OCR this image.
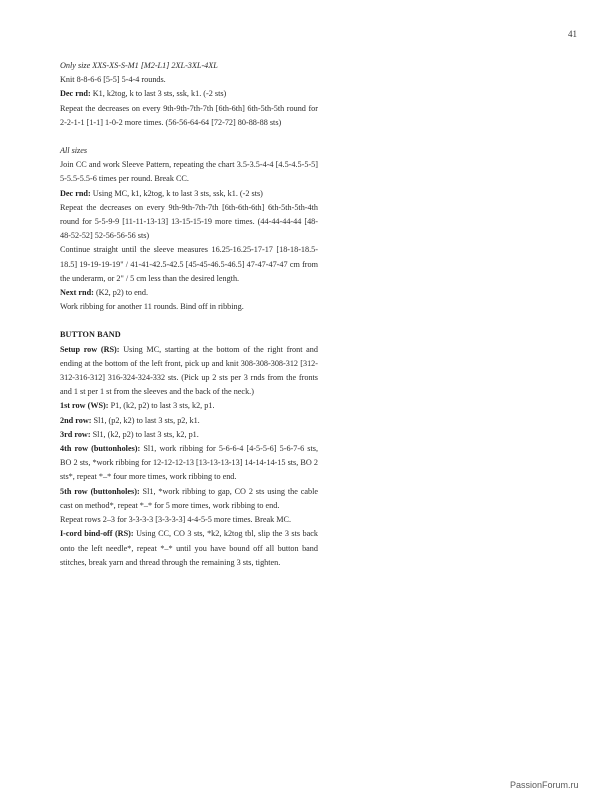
41

Only size XXS-XS-S-M1 [M2-L1] 2XL-3XL-4XL

Knit 8-8-6-6 [5-5] 5-4-4 rounds.

Dec rnd: K1, k2tog, k to last 3 sts, ssk, k1. (-2 sts)

Repeat the decreases on every 9th-9th-7th-7th [6th-6th] 6th-5th-5th round for 2-2-1-1 [1-1] 1-0-2 more times. (56-56-64-64 [72-72] 80-88-88 sts)

All sizes

Join CC and work Sleeve Pattern, repeating the chart 3.5-3.5-4-4 [4.5-4.5-5-5] 5-5.5-5.5-6 times per round. Break CC.

Dec rnd: Using MC, k1, k2tog, k to last 3 sts, ssk, k1. (-2 sts)

Repeat the decreases on every 9th-9th-7th-7th [6th-6th-6th] 6th-5th-5th-4th round for 5-5-9-9 [11-11-13-13] 13-15-15-19 more times. (44-44-44-44 [48-48-52-52] 52-56-56-56 sts)

Continue straight until the sleeve measures 16.25-16.25-17-17 [18-18-18.5-18.5] 19-19-19-19" / 41-41-42.5-42.5 [45-45-46.5-46.5] 47-47-47-47 cm from the underarm, or 2" / 5 cm less than the desired length.

Next rnd: (K2, p2) to end.

Work ribbing for another 11 rounds. Bind off in ribbing.

BUTTON BAND

Setup row (RS): Using MC, starting at the bottom of the right front and ending at the bottom of the left front, pick up and knit 308-308-308-312 [312-312-316-312] 316-324-324-332 sts. (Pick up 2 sts per 3 rnds from the fronts and 1 st per 1 st from the sleeves and the back of the neck.)

1st row (WS): P1, (k2, p2) to last 3 sts, k2, p1.

2nd row: Sl1, (p2, k2) to last 3 sts, p2, k1.

3rd row: Sl1, (k2, p2) to last 3 sts, k2, p1.

4th row (buttonholes): Sl1, work ribbing for 5-6-6-4 [4-5-5-6] 5-6-7-6 sts, BO 2 sts, *work ribbing for 12-12-12-13 [13-13-13-13] 14-14-14-15 sts, BO 2 sts*, repeat *–* four more times, work ribbing to end.

5th row (buttonholes): Sl1, *work ribbing to gap, CO 2 sts using the cable cast on method*, repeat *–* for 5 more times, work ribbing to end.

Repeat rows 2–3 for 3-3-3-3 [3-3-3-3] 4-4-5-5 more times. Break MC.

I-cord bind-off (RS): Using CC, CO 3 sts, *k2, k2tog tbl, slip the 3 sts back onto the left needle*, repeat *–* until you have bound off all button band stitches, break yarn and thread through the remaining 3 sts, tighten.

PassionForum.ru
